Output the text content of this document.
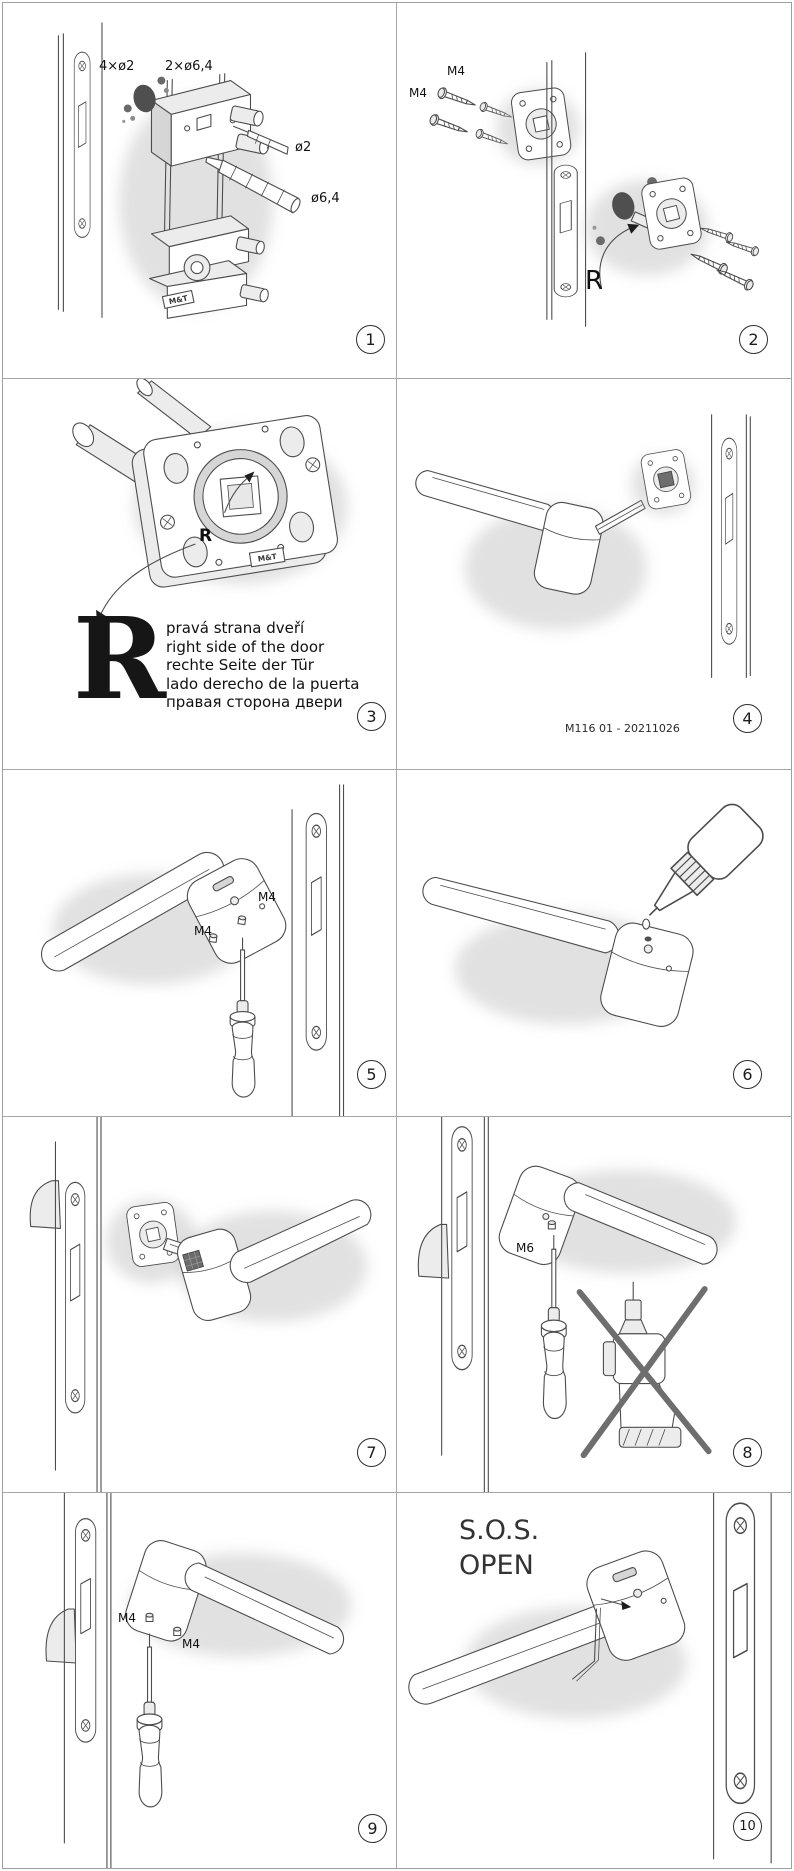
M&T
4×ø2 2×ø6,4
ø2
ø6,4
1
M4
M4
R
2
M&T
R
R pravá strana dveří
right side of the door
rechte Seite der Tür
lado derecho de la puerta
правая сторона двери
3
M116 01 - 20211026
4
M4
M4
5	6
7
M6
8
M4
M4
9
S.O.S.
OPEN
10
